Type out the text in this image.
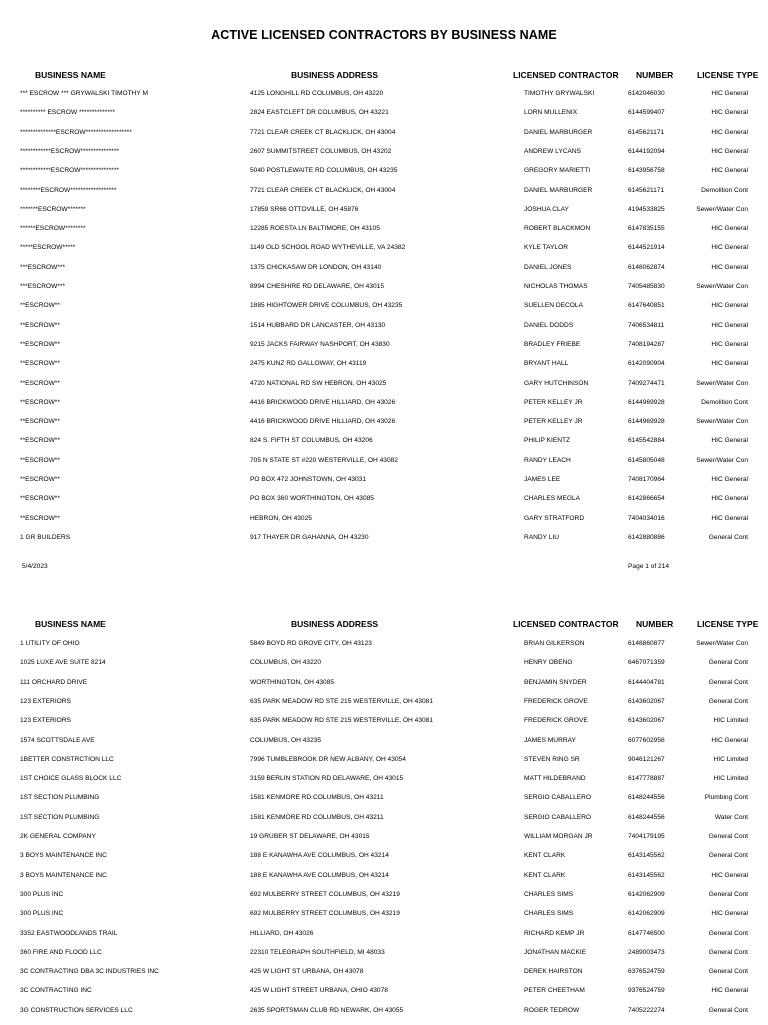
ACTIVE LICENSED CONTRACTORS BY BUSINESS NAME
BUSINESS NAME	BUSINESS ADDRESS	LICENSED CONTRACTOR NUMBER	LICENSE TYPE
*** ESCROW *** GRYWALSKI TIMOTHY M	4125 LONGHILL RD COLUMBUS, OH 43220	TIMOTHY GRYWALSKI	6142046030	HIC General
********** ESCROW **************	2824 EASTCLEFT DR COLUMBUS, OH 43221	LORN MULLENIX	6144599407	HIC General
**************ESCROW******************	7721 CLEAR CREEK CT BLACKLICK, OH 43004	DANIEL MARBURGER	6145621171	HIC General
************ESCROW***************	2607 SUMMITSTREET COLUMBUS, OH 43202	ANDREW LYCANS	6144192094	HIC General
************ESCROW***************	5040 POSTLEWAITE RD COLUMBUS, OH 43235	GREGORY MARIETTI	6143956758	HIC General
********ESCROW******************	7721 CLEAR CREEK CT BLACKLICK, OH 43004	DANIEL MARBURGER	6145621171	Demolition Cont
*******ESCROW*******	17859 SR66 OTTOVILLE, OH 45876	JOSHUA CLAY	4194533825	Sewer/Water Con
******ESCROW********	12285 ROESTA LN BALTIMORE, OH 43105	ROBERT BLACKMON	6147835155	HIC General
*****ESCROW*****	1149 OLD SCHOOL ROAD WYTHEVILLE, VA 24382	KYLE TAYLOR	6144521914	HIC General
***ESCROW***	1375 CHICKASAW DR LONDON, OH 43140	DANIEL JONES	6148062874	HIC General
***ESCROW***	8994 CHESHIRE RD DELAWARE, OH 43015	NICHOLAS THOMAS	7405485830	Sewer/Water Con
**ESCROW**	1885 HIGHTOWER DRIVE COLUMBUS, OH 43235	SUELLEN DECOLA	6147640851	HIC General
**ESCROW**	1514 HUBBARD DR LANCASTER, OH 43130	DANIEL DODDS	7406534811	HIC General
**ESCROW**	9215 JACKS FAIRWAY NASHPORT, OH 43830	BRADLEY FRIEBE	7408194287	HIC General
**ESCROW**	2475 KUNZ RD GALLOWAY, OH 43119	BRYANT HALL	6142090904	HIC General
**ESCROW**	4720 NATIONAL RD SW HEBRON, OH 43025	GARY HUTCHINSON	7409274471	Sewer/Water Con
**ESCROW**	4416 BRICKWOOD DRIVE HILLIARD, OH 43026	PETER KELLEY JR	6144969928	Demolition Cont
**ESCROW**	4416 BRICKWOOD DRIVE HILLIARD, OH 43026	PETER KELLEY JR	6144969928	Sewer/Water Con
**ESCROW**	824 S. FIFTH ST COLUMBUS, OH 43206	PHILIP KIENTZ	6145542884	HIC General
**ESCROW**	705 N STATE ST #220 WESTERVILLE, OH 43082	RANDY LEACH	6145805048	Sewer/Water Con
**ESCROW**	PO BOX 472 JOHNSTOWN, OH 43031	JAMES LEE	7408170964	HIC General
**ESCROW**	PO BOX 360 WORTHINGTON, OH 43085	CHARLES MEGLA	6142866654	HIC General
**ESCROW**	HEBRON, OH 43025	GARY STRATFORD	7404034016	HIC General
1 GR BUILDERS	917 THAYER DR GAHANNA, OH 43230	RANDY LIU	6142880886	General Cont
5/4/2023	Page 1 of 214
BUSINESS NAME	BUSINESS ADDRESS	LICENSED CONTRACTOR NUMBER	LICENSE TYPE
1 UTILITY OF OHIO	5849 BOYD RD GROVE CITY, OH 43123	BRIAN GILKERSON	6148860877	Sewer/Water Con
1025 LUXE AVE SUITE 8214	COLUMBUS, OH 43220	HENRY OBENG	6467071359	General Cont
111 ORCHARD DRIVE	WORTHINGTON, OH 43085	BENJAMIN SNYDER	6144404781	General Cont
123 EXTERIORS	635 PARK MEADOW RD STE 215 WESTERVILLE, OH 43081	FREDERICK GROVE	6143602067	General Cont
123 EXTERIORS	635 PARK MEADOW RD STE 215 WESTERVILLE, OH 43081	FREDERICK GROVE	6143602067	HIC Limited
1574 SCOTTSDALE AVE	COLUMBUS, OH 43235	JAMES MURRAY	6077602956	HIC General
1BETTER CONSTRCTION LLC	7996 TUMBLEBROOK DR NEW ALBANY, OH 43054	STEVEN RING SR	9046121267	HIC Limited
1ST CHOICE GLASS BLOCK LLC	3159 BERLIN STATION RD DELAWARE, OH 43015	MATT HILDEBRAND	6147778887	HIC Limited
1ST SECTION PLUMBING	1581 KENMORE RD COLUMBUS, OH 43211	SERGIO CABALLERO	6148244556	Plumbing Cont
1ST SECTION PLUMBING	1581 KENMORE RD COLUMBUS, OH 43211	SERGIO CABALLERO	6148244556	Water Cont
2K GENERAL COMPANY	19 GRUBER ST DELAWARE, OH 43015	WILLIAM MORGAN JR	7404179195	General Cont
3 BOYS MAINTENANCE INC	188 E KANAWHA AVE COLUMBUS, OH 43214	KENT CLARK	6143145562	General Cont
3 BOYS MAINTENANCE INC	188 E KANAWHA AVE COLUMBUS, OH 43214	KENT CLARK	6143145562	HIC General
300 PLUS INC	692 MULBERRY STREET COLUMBUS, OH 43219	CHARLES SIMS	6142062909	General Cont
300 PLUS INC	692 MULBERRY STREET COLUMBUS, OH 43219	CHARLES SIMS	6142062909	HIC General
3352 EASTWOODLANDS TRAIL	HILLIARD, OH 43026	RICHARD KEMP JR	6147746500	General Cont
360 FIRE AND FLOOD LLC	22310 TELEGRAPH SOUTHFIELD, MI 48033	JONATHAN MACKIE	2489003473	General Cont
3C CONTRACTING DBA 3C INDUSTRIES INC	425 W LIGHT ST URBANA, OH 43078	DEREK HAIRSTON	6376524759	General Cont
3C CONTRACTING INC	425 W LIGHT STREET URBANA, OHIO 43078	PETER CHEETHAM	9376524759	HIC General
3G CONSTRUCTION SERVICES LLC	2635 SPORTSMAN CLUB RD NEWARK, OH 43055	ROGER TEDROW	7405222274	General Cont
